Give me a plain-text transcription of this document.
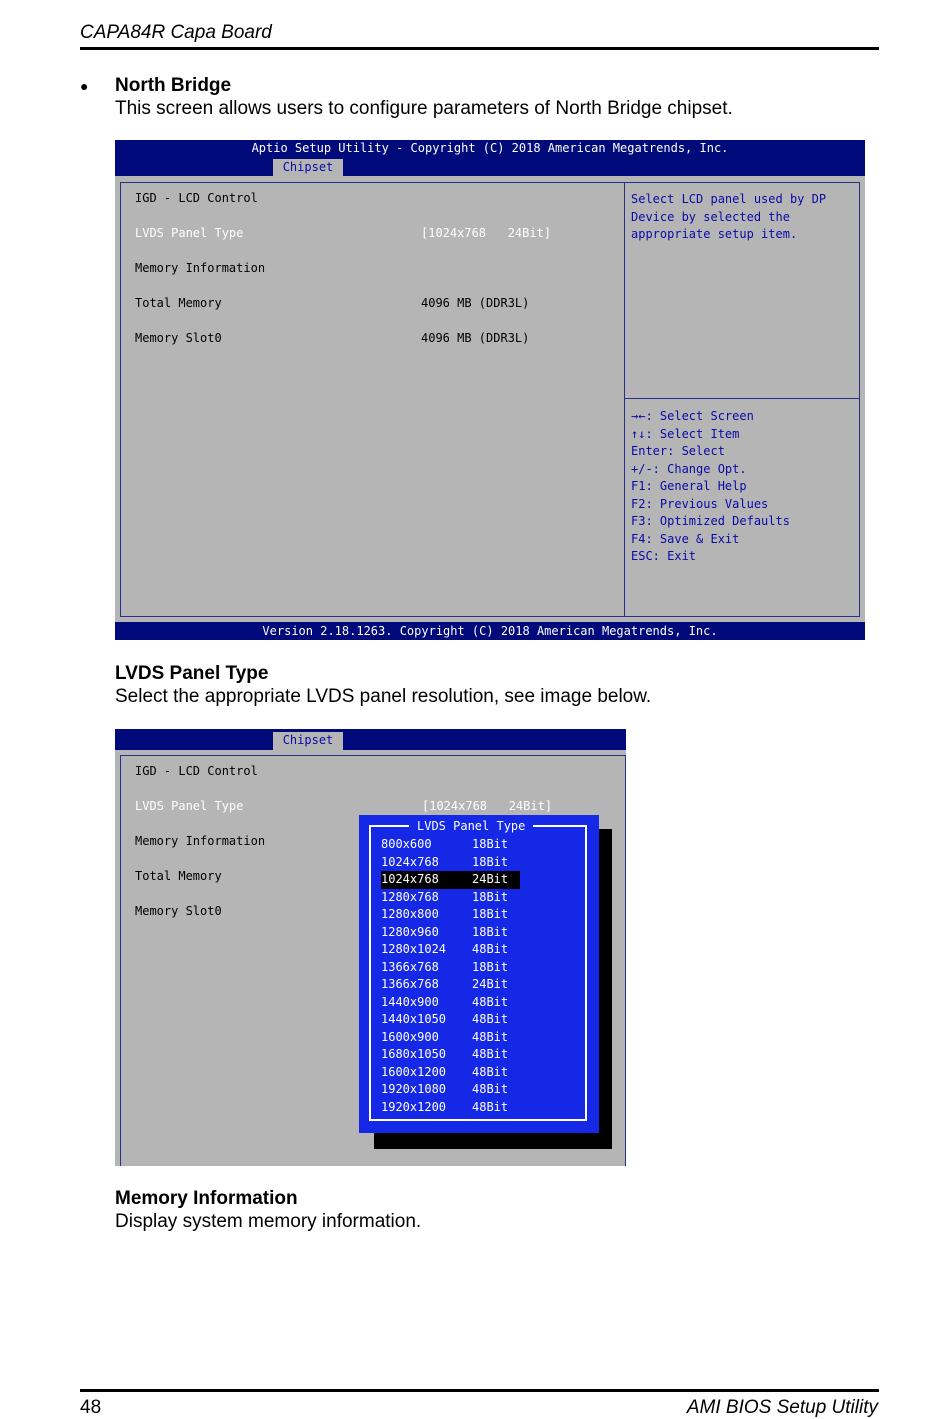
CAPA84R Capa Board
● North Bridge
This screen allows users to configure parameters of North Bridge chipset.
Aptio Setup Utility - Copyright (C) 2018 American Megatrends, Inc.
Chipset
IGD - LCD Control
LVDS Panel Type	[1024x768   24Bit]
Memory Information
Total Memory	4096 MB (DDR3L)
Memory Slot0	4096 MB (DDR3L)
Select LCD panel used by DP
Device by selected the
appropriate setup item.
→←: Select Screen
↑↓: Select Item
Enter: Select
+/-: Change Opt.
F1: General Help
F2: Previous Values
F3: Optimized Defaults
F4: Save & Exit
ESC: Exit
Version 2.18.1263. Copyright (C) 2018 American Megatrends, Inc.
LVDS Panel Type
Select the appropriate LVDS panel resolution, see image below.
Chipset
IGD - LCD Control
LVDS Panel Type	[1024x768   24Bit]
Memory Information
Total Memory
Memory Slot0
LVDS Panel Type
800x600	18Bit
1024x768	18Bit
1024x768	24Bit
1280x768	18Bit
1280x800	18Bit
1280x960	18Bit
1280x1024 48Bit
1366x768	18Bit
1366x768	24Bit
1440x900	48Bit
1440x1050 48Bit
1600x900	48Bit
1680x1050 48Bit
1600x1200 48Bit
1920x1080 48Bit
1920x1200 48Bit
Memory Information
Display system memory information.
48	AMI BIOS Setup Utility
